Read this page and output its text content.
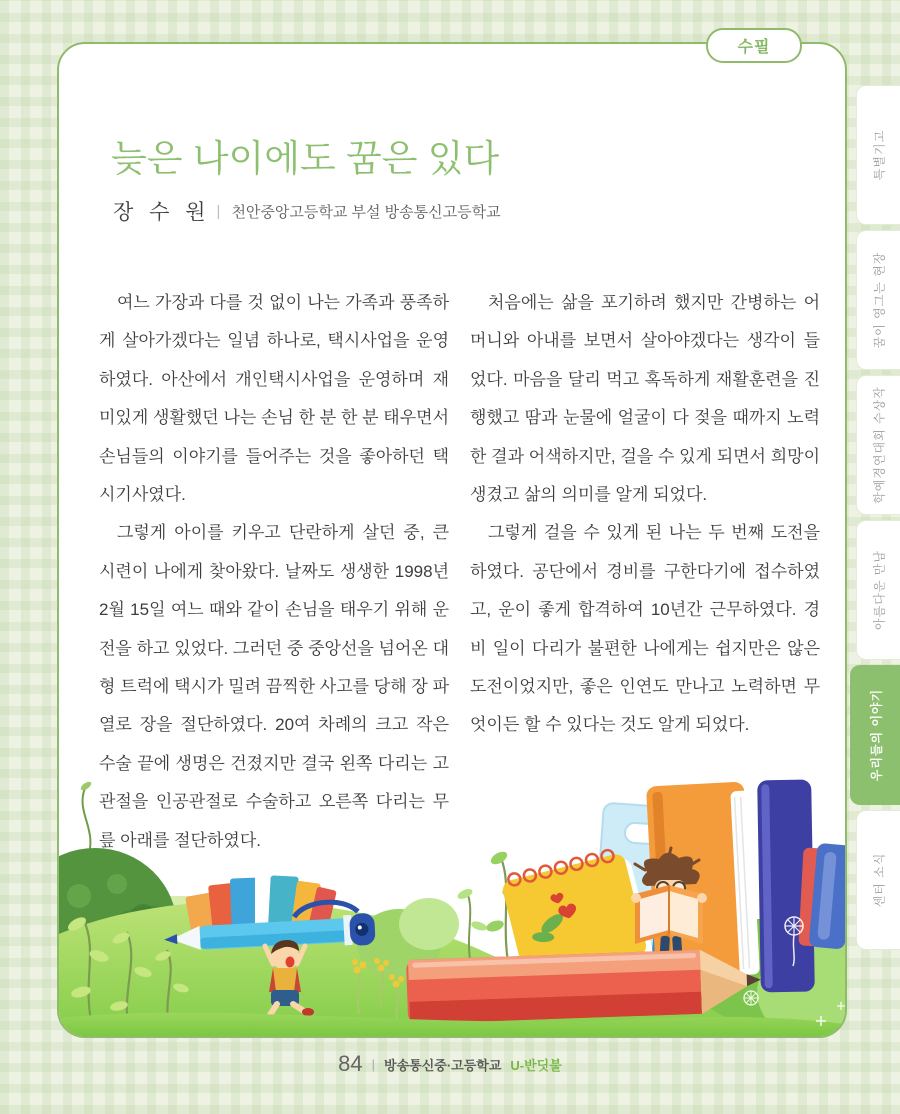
수필
늦은 나이에도 꿈은 있다
장 수 원 | 천안중앙고등학교 부설 방송통신고등학교

여느 가장과 다를 것 없이 나는 가족과 풍족하게 살아가겠다는 일념 하나로, 택시사업을 운영하였다. 아산에서 개인택시사업을 운영하며 재미있게 생활했던 나는 손님 한 분 한 분 태우면서 손님들의 이야기를 들어주는 것을 좋아하던 택시기사였다.

그렇게 아이를 키우고 단란하게 살던 중, 큰 시련이 나에게 찾아왔다. 날짜도 생생한 1998년 2월 15일 여느 때와 같이 손님을 태우기 위해 운전을 하고 있었다. 그러던 중 중앙선을 넘어온 대형 트럭에 택시가 밀려 끔찍한 사고를 당해 장 파열로 장을 절단하였다. 20여 차례의 크고 작은 수술 끝에 생명은 건졌지만 결국 왼쪽 다리는 고관절을 인공관절로 수술하고 오른쪽 다리는 무릎 아래를 절단하였다.

처음에는 삶을 포기하려 했지만 간병하는 어머니와 아내를 보면서 살아야겠다는 생각이 들었다. 마음을 달리 먹고 혹독하게 재활훈련을 진행했고 땀과 눈물에 얼굴이 다 젖을 때까지 노력한 결과 어색하지만, 걸을 수 있게 되면서 희망이 생겼고 삶의 의미를 알게 되었다.

그렇게 걸을 수 있게 된 나는 두 번째 도전을 하였다. 공단에서 경비를 구한다기에 접수하였고, 운이 좋게 합격하여 10년간 근무하였다. 경비 일이 다리가 불편한 나에게는 쉽지만은 않은 도전이었지만, 좋은 인연도 만나고 노력하면 무엇이든 할 수 있다는 것도 알게 되었다.

특별기고
꿈이 영그는 현장
학예경연대회 수상작
아름다운 만남
우리들의 이야기
센터 소식
84 | 방송통신중·고등학교 U-반딧불
